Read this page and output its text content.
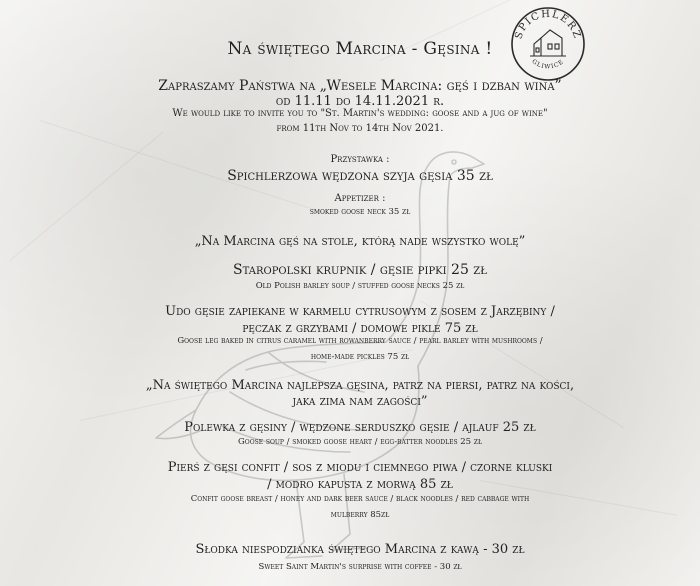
SPICHLERZ
GLIWICE
Na świętego Marcina - Gęsina !
Zapraszamy Państwa na „Wesele Marcina: gęś i dzban wina”
od 11.11 do 14.11.2021 r.
We would like to invite you to "St. Martin's wedding: goose and a jug of wine"
from 11th Nov to 14th Nov 2021.
Przystawka :
Spichlerzowa wędzona szyja gęsia 35 zł
Appetizer :
smoked goose neck 35 zł
„Na Marcina gęś na stole, którą nade wszystko wolę”
Staropolski krupnik / gęsie pipki 25 zł
Old Polish barley soup / stuffed goose necks 25 zł
Udo gęsie zapiekane w karmelu cytrusowym z sosem z Jarzębiny /
pęczak z grzybami / domowe pikle 75 zł
Goose leg baked in citrus caramel with rowanberry sauce / pearl barley with mushrooms /
home-made pickles 75 zł
„Na świętego Marcina najlepsza gęsina, patrz na piersi, patrz na kości,
jaka zima nam zagości”
Polewka z gęsiny / wędzone serduszko gęsie / ajlauf 25 zł
Goose soup / smoked goose heart / egg-batter noodles 25 zł
Pierś z gęsi confit / sos z miodu i ciemnego piwa / czorne kluski
/ modro kapusta z morwą 85 zł
Confit goose breast / honey and dark beer sauce / black noodles / red cabbage with
mulberry 85zł
Słodka niespodzianka świętego Marcina z kawą - 30 zł
Sweet Saint Martin's surprise with coffee - 30 zł
